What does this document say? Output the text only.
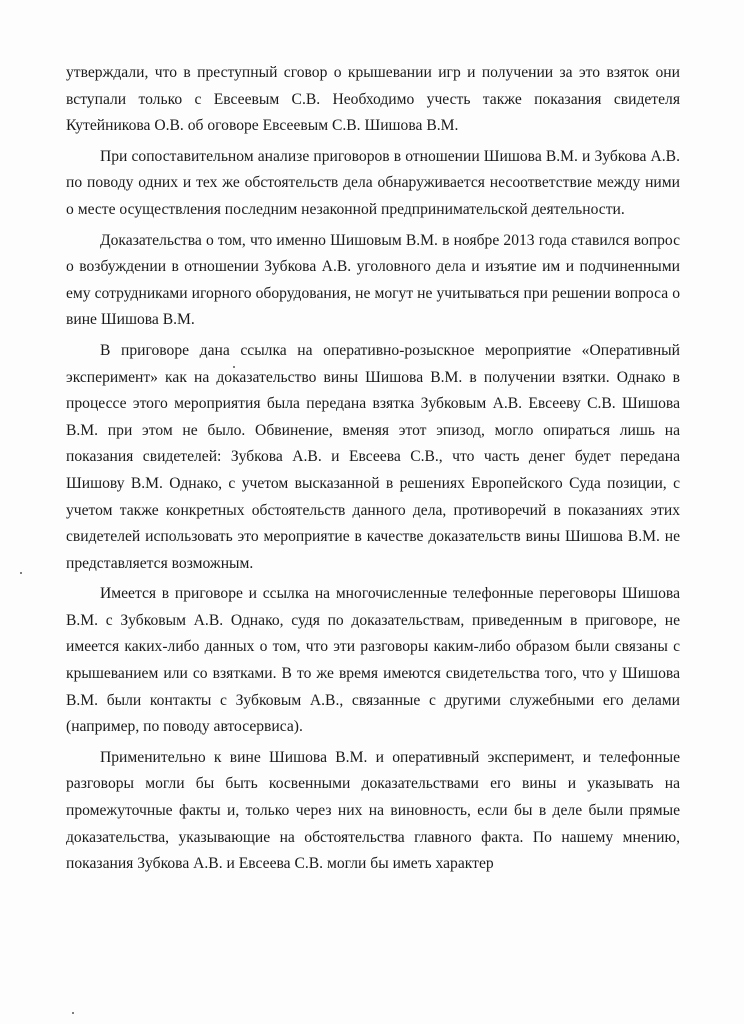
утверждали, что в преступный сговор о крышевании игр и получении за это взяток они вступали только с Евсеевым С.В. Необходимо учесть также показания свидетеля Кутейникова О.В. об оговоре Евсеевым С.В. Шишова В.М.

При сопоставительном анализе приговоров в отношении Шишова В.М. и Зубкова А.В. по поводу одних и тех же обстоятельств дела обнаруживается несоответствие между ними о месте осуществления последним незаконной предпринимательской деятельности.

Доказательства о том, что именно Шишовым В.М. в ноябре 2013 года ставился вопрос о возбуждении в отношении Зубкова А.В. уголовного дела и изъятие им и подчиненными ему сотрудниками игорного оборудования, не могут не учитываться при решении вопроса о вине Шишова В.М.

В приговоре дана ссылка на оперативно-розыскное мероприятие «Оперативный эксперимент» как на доказательство вины Шишова В.М. в получении взятки. Однако в процессе этого мероприятия была передана взятка Зубковым А.В. Евсееву С.В. Шишова В.М. при этом не было. Обвинение, вменяя этот эпизод, могло опираться лишь на показания свидетелей: Зубкова А.В. и Евсеева С.В., что часть денег будет передана Шишову В.М. Однако, с учетом высказанной в решениях Европейского Суда позиции, с учетом также конкретных обстоятельств данного дела, противоречий в показаниях этих свидетелей использовать это мероприятие в качестве доказательств вины Шишова В.М. не представляется возможным.

Имеется в приговоре и ссылка на многочисленные телефонные переговоры Шишова В.М. с Зубковым А.В. Однако, судя по доказательствам, приведенным в приговоре, не имеется каких-либо данных о том, что эти разговоры каким-либо образом были связаны с крышеванием или со взятками. В то же время имеются свидетельства того, что у Шишова В.М. были контакты с Зубковым А.В., связанные с другими служебными его делами (например, по поводу автосервиса).

Применительно к вине Шишова В.М. и оперативный эксперимент, и телефонные разговоры могли бы быть косвенными доказательствами его вины и указывать на промежуточные факты и, только через них на виновность, если бы в деле были прямые доказательства, указывающие на обстоятельства главного факта. По нашему мнению, показания Зубкова А.В. и Евсеева С.В. могли бы иметь характер
